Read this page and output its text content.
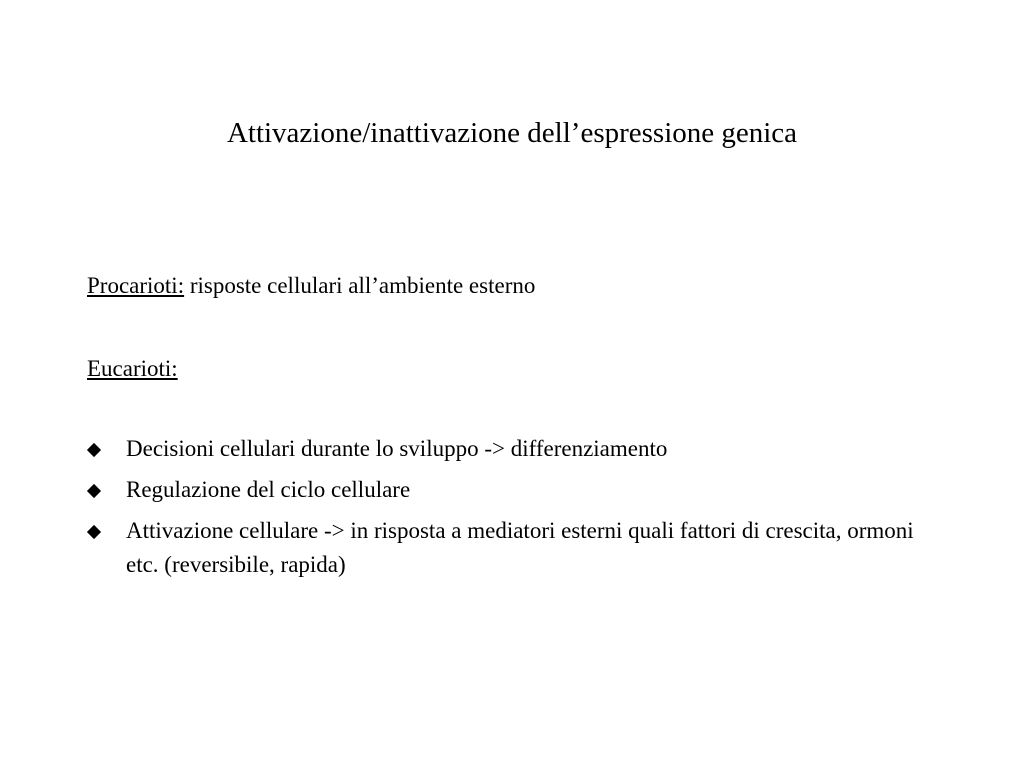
Attivazione/inattivazione dell’espressione genica

Procarioti: risposte cellulari all’ambiente esterno

Eucarioti:

Decisioni cellulari durante lo sviluppo -> differenziamento
Regulazione del ciclo cellulare
Attivazione cellulare -> in risposta a mediatori esterni quali fattori di crescita, ormoni etc. (reversibile, rapida)
